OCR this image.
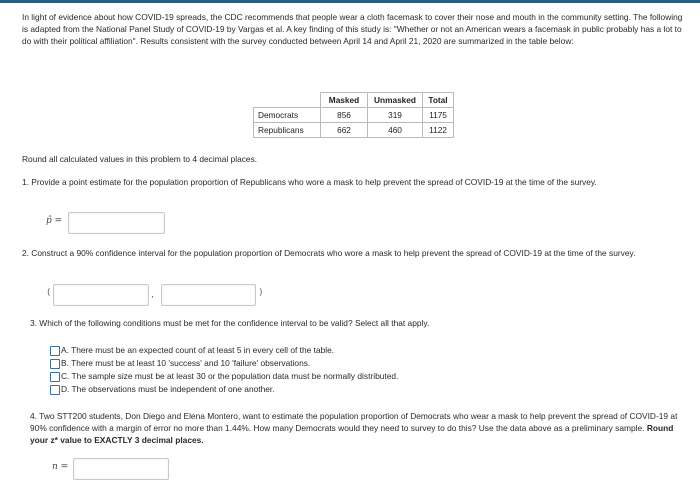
In light of evidence about how COVID-19 spreads, the CDC recommends that people wear a cloth facemask to cover their nose and mouth in the community setting. The following is adapted from the National Panel Study of COVID-19 by Vargas et al. A key finding of this study is: "Whether or not an American wears a facemask in public probably has a lot to do with their political affiliation". Results consistent with the survey conducted between April 14 and April 21, 2020 are summarized in the table below:
	Masked	Unmasked	Total
Democrats	856	319	1175
Republicans	662	460	1122
Round all calculated values in this problem to 4 decimal places.
1. Provide a point estimate for the population proportion of Republicans who wore a mask to help prevent the spread of COVID-19 at the time of the survey.
p̂ =
2. Construct a 90% confidence interval for the population proportion of Democrats who wore a mask to help prevent the spread of COVID-19 at the time of the survey.
(	,	)
3. Which of the following conditions must be met for the confidence interval to be valid? Select all that apply.
A. There must be an expected count of at least 5 in every cell of the table.
B. There must be at least 10 'success' and 10 'failure' observations.
C. The sample size must be at least 30 or the population data must be normally distributed.
D. The observations must be independent of one another.
4. Two STT200 students, Don Diego and Elena Montero, want to estimate the population proportion of Democrats who wear a mask to help prevent the spread of COVID-19 at 90% confidence with a margin of error no more than 1.44%. How many Democrats would they need to survey to do this? Use the data above as a preliminary sample. Round your z* value to EXACTLY 3 decimal places.
n =
